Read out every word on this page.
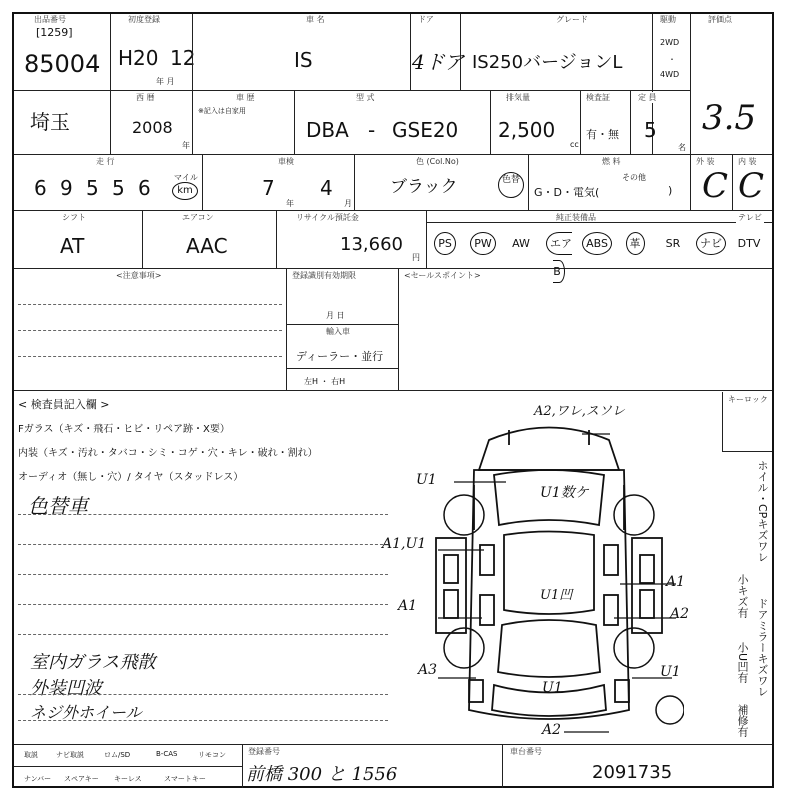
出品番号
[1259]
85004
初度登録
H20 12
年 月
車 名
IS
ドア
4ドア
グレード
IS250バージョンL
駆動
2WD
・
4WD
評価点
3.5
埼玉
西 暦
2008
年
車 歴
※記入は自家用
型 式
DBA - GSE20
排気量
2,500
cc
検査証
有・無
定 員
5
名
走 行
6 9 5 5 6	マイル
km
車検
7
年
4
月
色 (Col.No)
ブラック	色替
燃 料
G・D・電気(
その他
)
外 装
C
内 装
C
シフト
AT
エアコン
AAC
リサイクル預託金
13,660
円
純正装備品	テレビ
PS	PW	AW	エアB
ABS	革	SR	ナビ	DTV
<注意事項>	登録識別有効期限
月 日
輸入車
ディーラー・並行
左H ・ 右H
<セールスポイント>
< 検査員記入欄 >
Fガラス（キズ・飛石・ヒビ・リペア跡・X要）
内装（キズ・汚れ・タバコ・シミ・コゲ・穴・キレ・破れ・割れ）
オーディオ（無し・穴）/ タイヤ（スタッドレス）
色替車
室内ガラス飛散
外装凹波
ネジ外ホイール
A2,ワレ,スソレ
U1
U1数ケ
A1,U1
A1
U1凹
A1
A2
A3	U1
U1
A2
キーロック
ホイル・CPキズワレ
小キズ有
ドアミラーキズワレ
小U凹有
補修有
取説	ナビ取説	ロム/SD	B-CAS	リモコン
ナンバー スペアキー キーレス	スマートキー
登録番号
前橋 300 と 1556
車台番号
2091735
